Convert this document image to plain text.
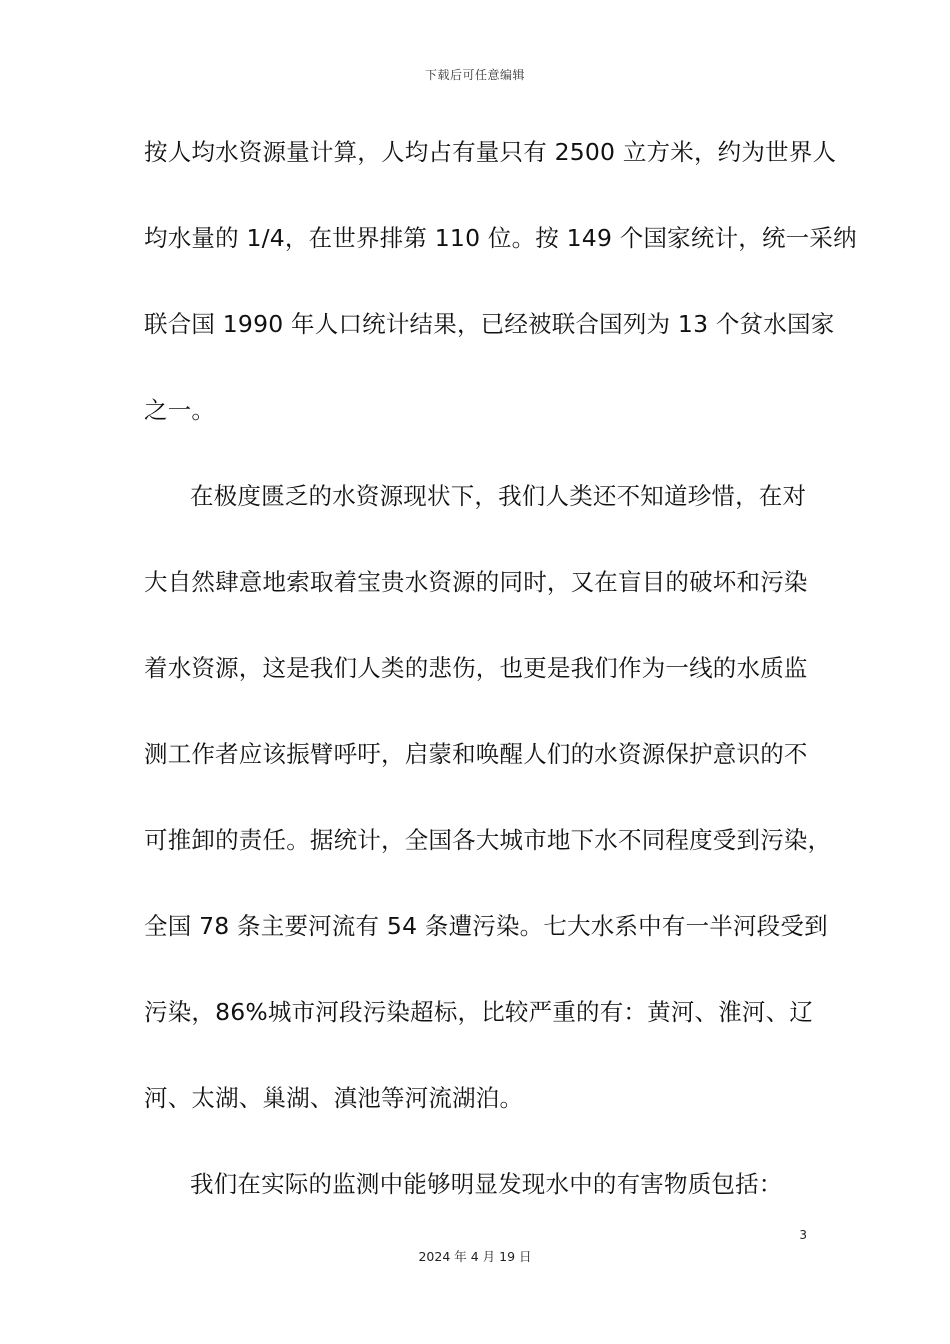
下载后可任意编辑
按人均水资源量计算，人均占有量只有 2500 立方米，约为世界人
均水量的 1/4，在世界排第 110 位。按 149 个国家统计，统一采纳
联合国 1990 年人口统计结果，已经被联合国列为 13 个贫水国家
之一。
在极度匮乏的水资源现状下，我们人类还不知道珍惜，在对
大自然肆意地索取着宝贵水资源的同时，又在盲目的破坏和污染
着水资源，这是我们人类的悲伤，也更是我们作为一线的水质监
测工作者应该振臂呼吁，启蒙和唤醒人们的水资源保护意识的不
可推卸的责任。据统计，全国各大城市地下水不同程度受到污染，
全国 78 条主要河流有 54 条遭污染。七大水系中有一半河段受到
污染，86%城市河段污染超标，比较严重的有：黄河、淮河、辽
河、太湖、巢湖、滇池等河流湖泊。
我们在实际的监测中能够明显发现水中的有害物质包括：
3
2024 年 4 月 19 日
